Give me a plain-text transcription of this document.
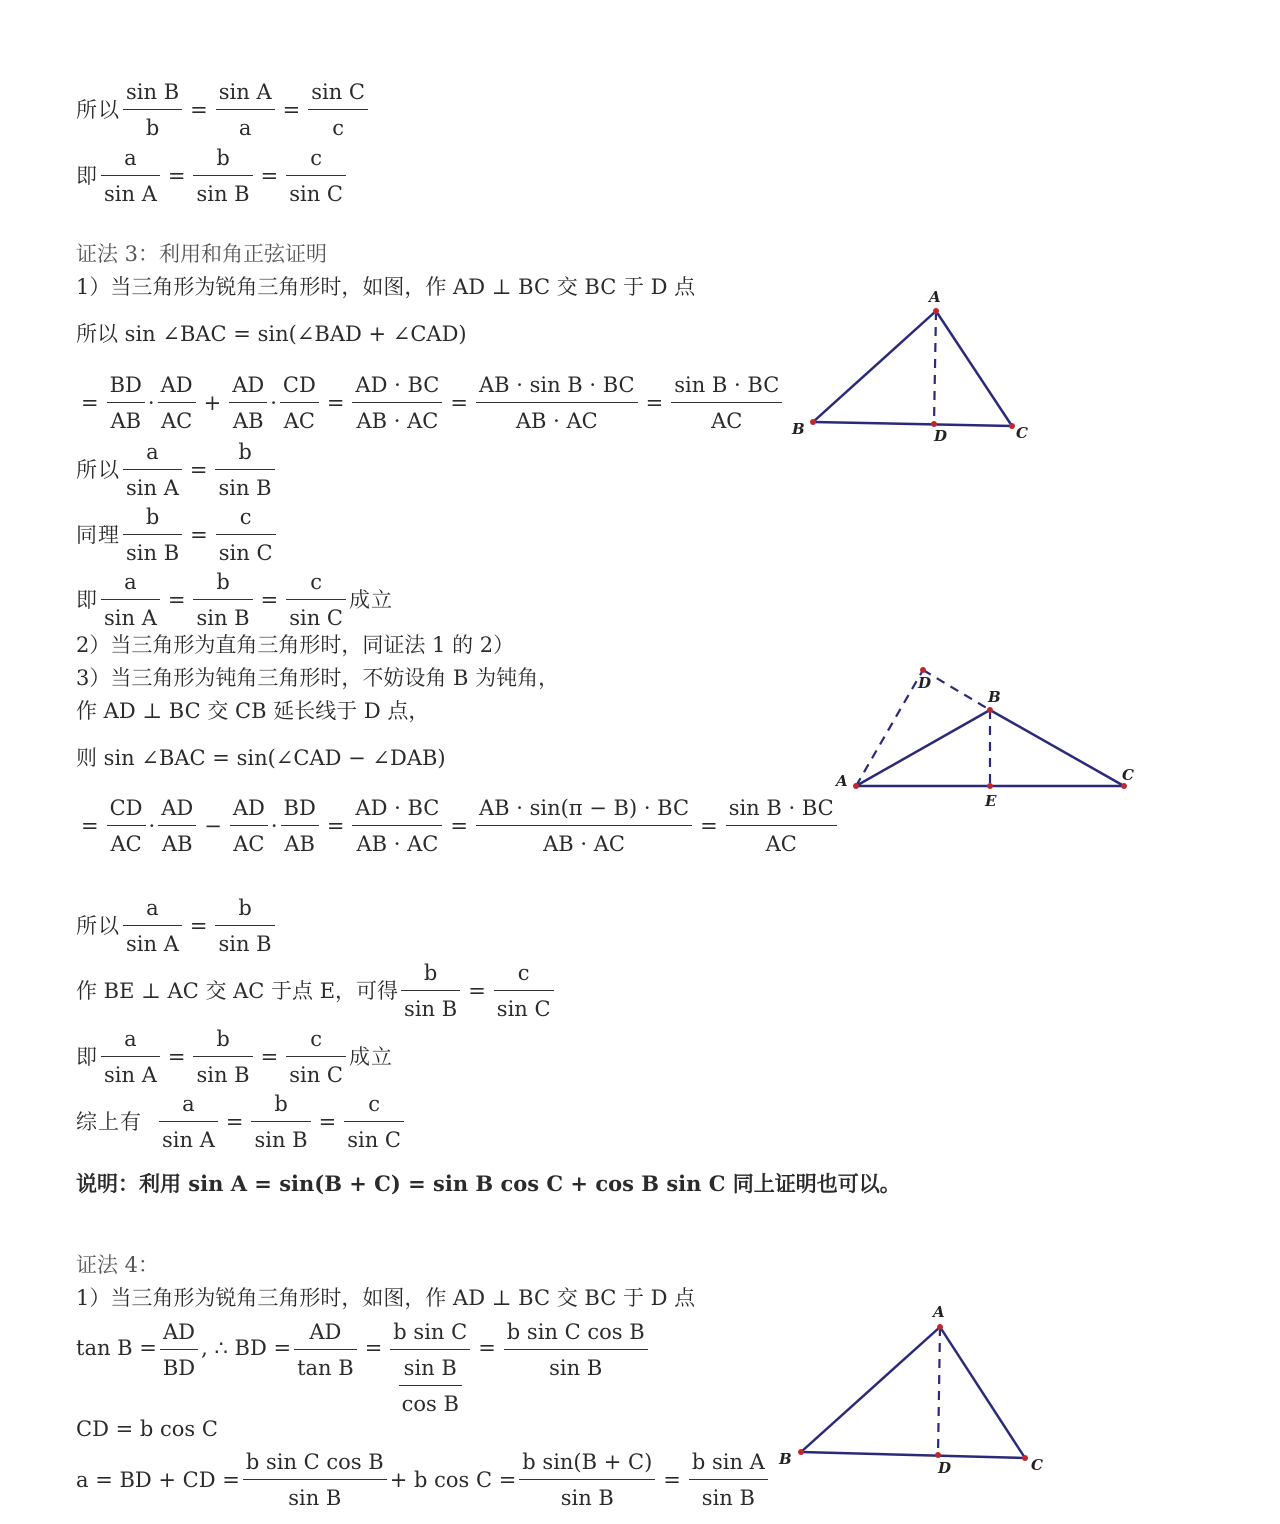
所以
sin B
b
=
sin A
a
=
sin C
c
即
a
sin A
=
b
sin B
=
c
sin C
证法 3：利用和角正弦证明
1）当三角形为锐角三角形时，如图，作 AD ⊥ BC 交 BC 于 D 点
所以 sin ∠BAC = sin(∠BAD + ∠CAD)
=
BD
AB
·
AD
AC
+
AD
AB
·
CD
AC
=
AD · BC
AB · AC
=
AB · sin B · BC
AB · AC
=
sin B · BC
AC
所以
a
sin A
=
b
sin B
同理
b
sin B
=
c
sin C
即
a
sin A
=
b
sin B
=
c
sin C
成立
2）当三角形为直角三角形时，同证法 1 的 2）
3）当三角形为钝角三角形时，不妨设角 B 为钝角，
作 AD ⊥ BC 交 CB 延长线于 D 点，
则 sin ∠BAC = sin(∠CAD − ∠DAB)
=
CD
AC
·
AD
AB
−
AD
AC
·
BD
AB
=
AD · BC
AB · AC
=
AB · sin(π − B) · BC
AB · AC
=
sin B · BC
AC
所以
a
sin A
=
b
sin B
作 BE ⊥ AC 交 AC 于点 E，可得
b
sin B
=
c
sin C
即
a
sin A
=
b
sin B
=
c
sin C
成立
综上有
a
sin A
=
b
sin B
=
c
sin C
说明：利用 sin A = sin(B + C) = sin B cos C + cos B sin C 同上证明也可以。
证法 4：
1）当三角形为锐角三角形时，如图，作 AD ⊥ BC 交 BC 于 D 点
tan B =
AD
BD
, ∴ BD =
AD
tan B
=
b sin C
sin B
cos B
=
b sin C cos B
sin B
CD = b cos C
a = BD + CD =
b sin C cos B
sin B
+ b cos C =
b sin(B + C)
sin B
=
b sin A
sin B
A
B	C
D
A
B
C
D
E
A
B	C
D
